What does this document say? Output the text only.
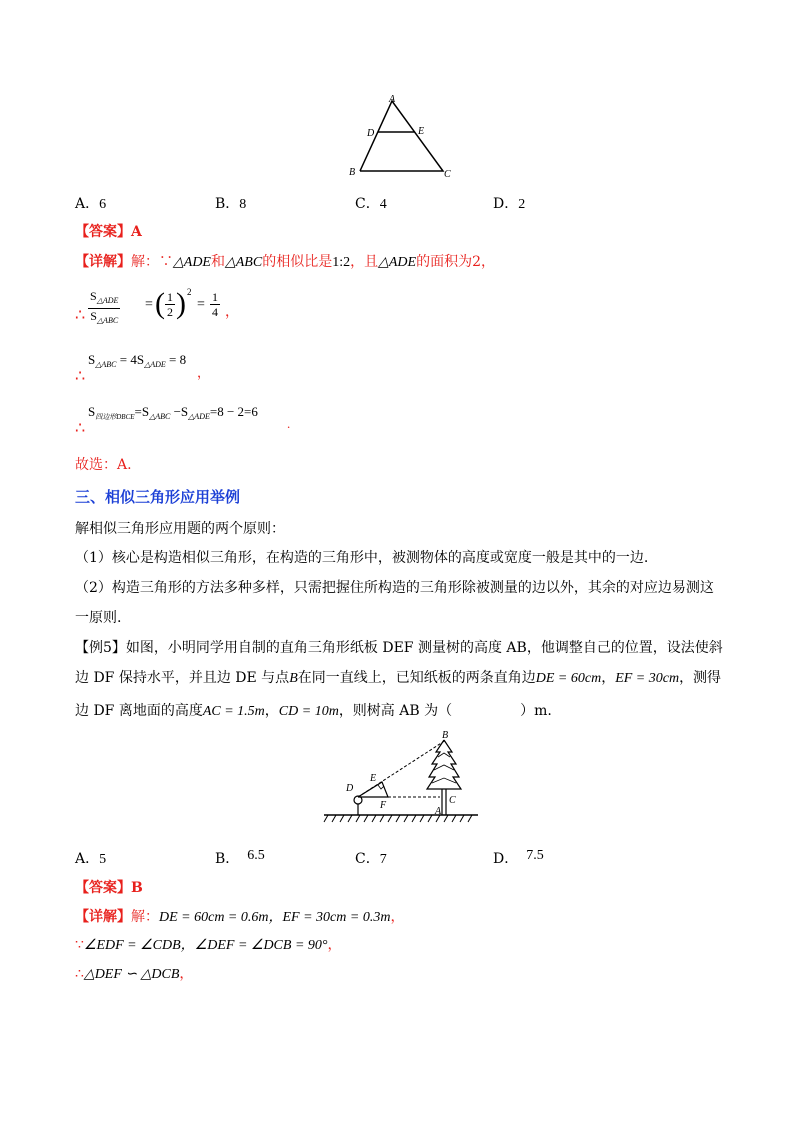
A
D	E
B	C
A．6	B．8	C．4	D．2
【答案】A
【详解】解：∵△ADE和△ABC的相似比是1:2，且△ADE的面积为2，
∴
$S_{\triangle ADE}$
$S_{\triangle ABC}$
= ( $\frac{1}{2}$ ) 2
= $\frac{1}{4}$ ，
∴
$S_{\triangle ABC} = 4S_{\triangle ADE} = 8$
，
∴
$S_{四边形DBCE}=S_{\triangle ABC} -S_{\triangle ADE}=8 - 2=6$
.
故选：A.
三、相似三角形应用举例
解相似三角形应用题的两个原则：
（1）核心是构造相似三角形，在构造的三角形中，被测物体的高度或宽度一般是其中的一边.
（2）构造三角形的方法多种多样，只需把握住所构造的三角形除被测量的边以外，其余的对应边易测这
一原则.
【例5】如图，小明同学用自制的直角三角形纸板 DEF 测量树的高度 AB，他调整自己的位置，设法使斜
边 DF 保持水平，并且边 DE 与点B在同一直线上，已知纸板的两条直角边DE = 60cm，EF = 30cm，测得
边 DF 离地面的高度AC = 1.5m，CD = 10m，则树高 AB 为（	）m.
B
C
A
D
E
F
A．5	B． 6.5	C．7	D． 7.5
【答案】B
【详解】解：DE = 60cm = 0.6m，EF = 30cm = 0.3m，
∵∠EDF = ∠CDB，∠DEF = ∠DCB = 90°，
∴△DEF ∽ △DCB，
